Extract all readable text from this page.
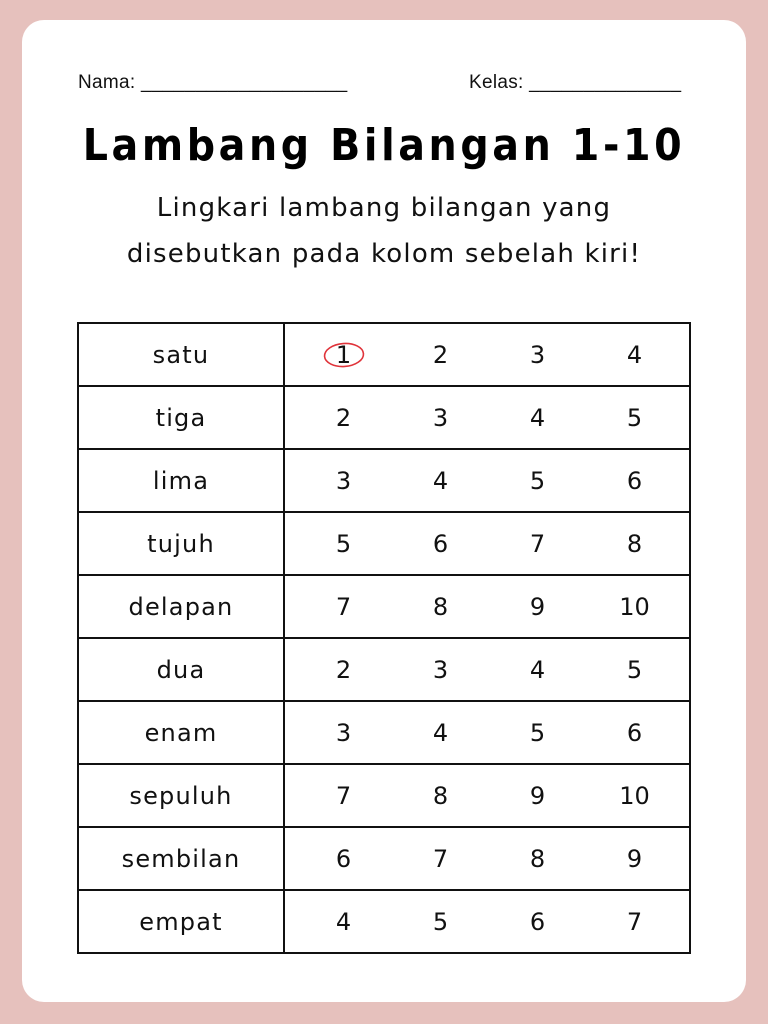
Nama: ___________________	Kelas: ______________
Lambang Bilangan 1-10
Lingkari lambang bilangan yang
disebutkan pada kolom sebelah kiri!
satu	1 2 3 4

tiga	2 3 4 5

lima	3 4 5 6

tujuh	5 6 7 8

delapan	7 8 9 10

dua	2 3 4 5

enam	3 4 5 6

sepuluh	7 8 9 10

sembilan	6 7 8 9

empat	4 5 6 7
